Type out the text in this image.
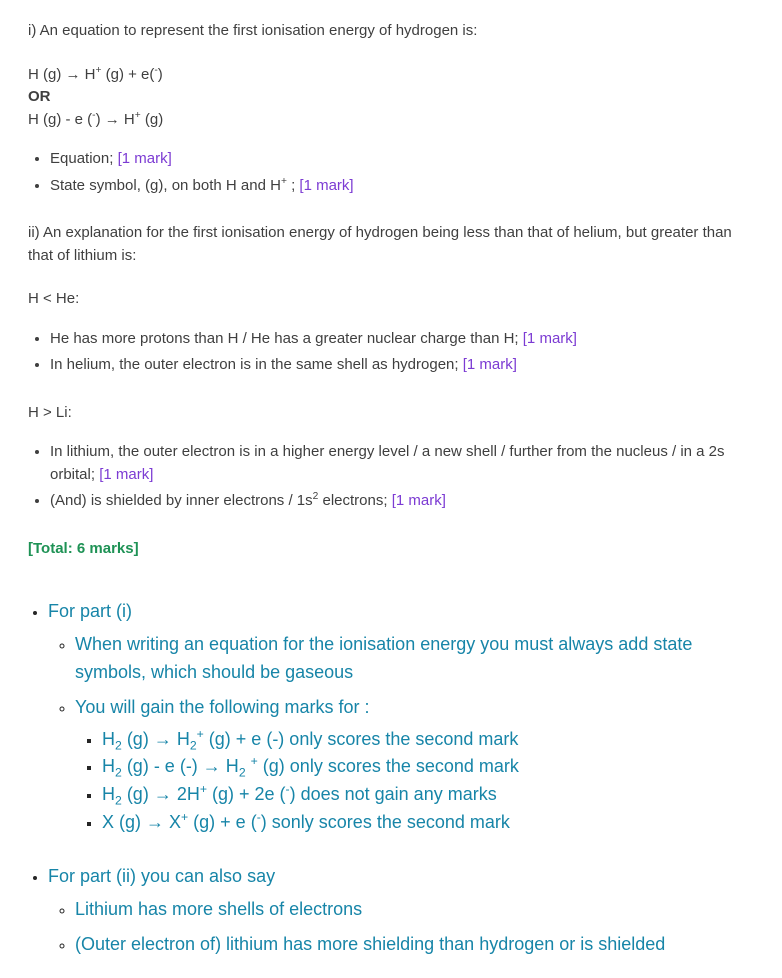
i) An equation to represent the first ionisation energy of hydrogen is:

H (g) → H+ (g) + e(-)

OR

H (g) - e (-) → H+ (g)

• Equation; [1 mark]
• State symbol, (g), on both H and H+ ; [1 mark]

ii) An explanation for the first ionisation energy of hydrogen being less than that of helium, but greater than that of lithium is:

H < He:

• He has more protons than H / He has a greater nuclear charge than H; [1 mark]
• In helium, the outer electron is in the same shell as hydrogen; [1 mark]

H > Li:

• In lithium, the outer electron is in a higher energy level / a new shell / further from the nucleus / in a 2s orbital; [1 mark]
• (And) is shielded by inner electrons / $1s^2$ electrons; [1 mark]

[Total: 6 marks]

• For part (i)
◦ When writing an equation for the ionisation energy you must always add state symbols, which should be gaseous
◦ You will gain the following marks for :
▪ $H_2$ $(g) \to H_2^+$ (g) + e (-) only scores the second mark
▪ $H_2$ (g) - e (-) → $H_2$ + (g) only scores the second mark
▪ $H_2$ (g) → 2H+ (g) + 2e (-) does not gain any marks
▪ X (g) → X+ (g) + e (-) sonly scores the second mark
• For part (ii) you can also say
◦ Lithium has more shells of electrons
◦ (Outer electron of) lithium has more shielding than hydrogen or is shielded
